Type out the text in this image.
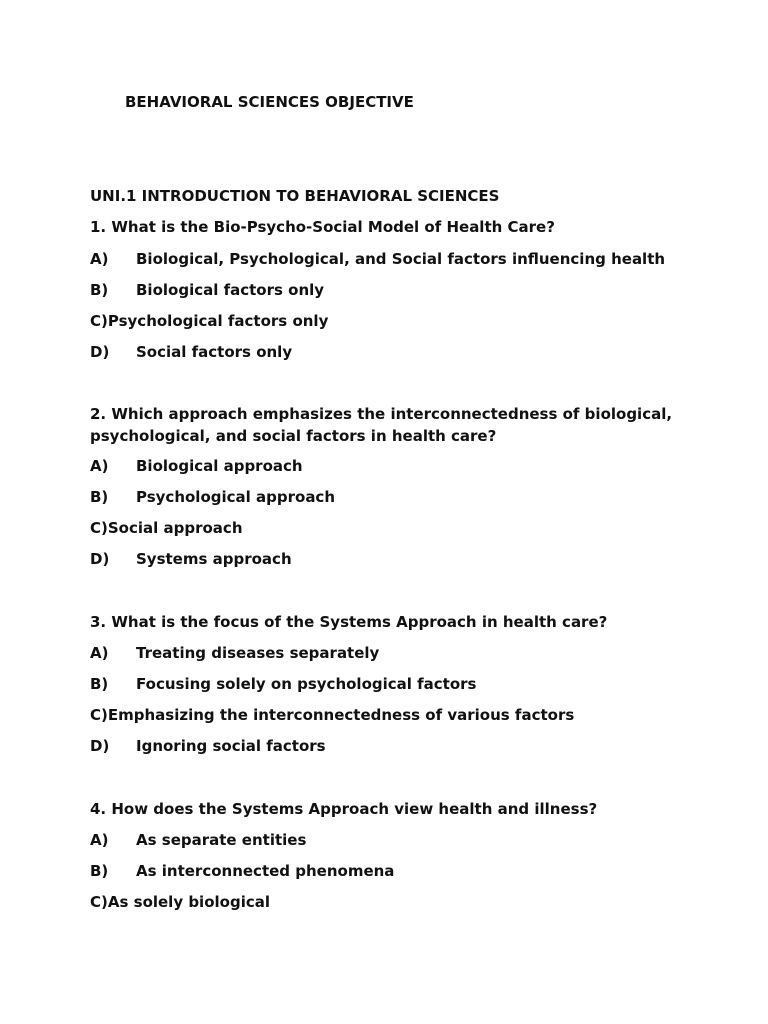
BEHAVIORAL SCIENCES OBJECTIVE
UNI.1 INTRODUCTION TO BEHAVIORAL SCIENCES
1. What is the Bio-Psycho-Social Model of Health Care?
A) Biological, Psychological, and Social factors influencing health
B) Biological factors only
C)Psychological factors only
D) Social factors only
2. Which approach emphasizes the interconnectedness of biological, psychological, and social factors in health care?
A) Biological approach
B) Psychological approach
C)Social approach
D) Systems approach
3. What is the focus of the Systems Approach in health care?
A) Treating diseases separately
B) Focusing solely on psychological factors
C)Emphasizing the interconnectedness of various factors
D) Ignoring social factors
4. How does the Systems Approach view health and illness?
A) As separate entities
B) As interconnected phenomena
C)As solely biological
